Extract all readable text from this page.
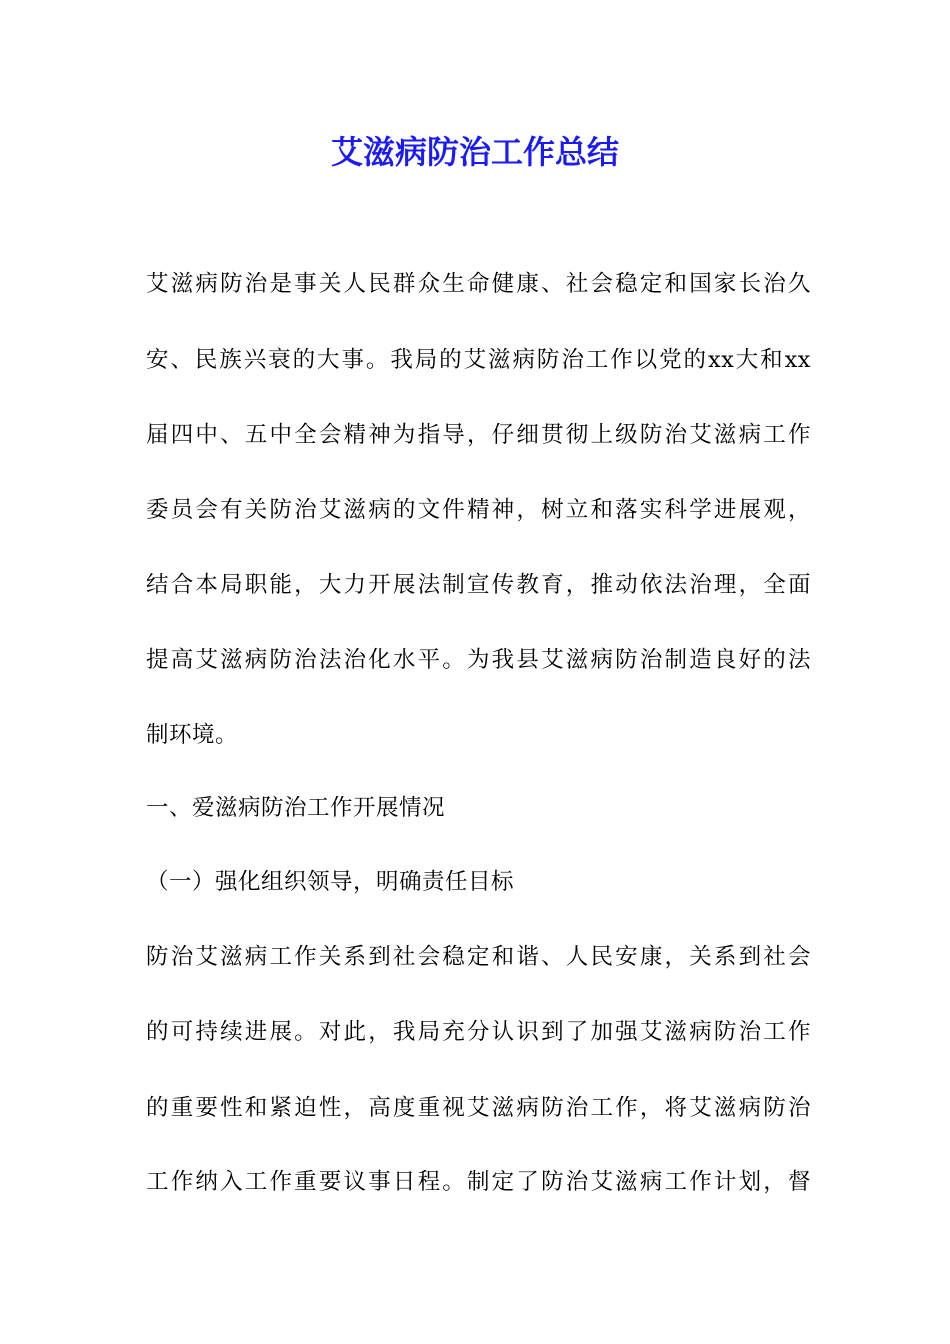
艾滋病防治工作总结

艾滋病防治是事关人民群众生命健康、社会稳定和国家长治久

安、民族兴衰的大事。我局的艾滋病防治工作以党的xx大和xx

届四中、五中全会精神为指导，仔细贯彻上级防治艾滋病工作

委员会有关防治艾滋病的文件精神，树立和落实科学进展观，

结合本局职能，大力开展法制宣传教育，推动依法治理，全面

提高艾滋病防治法治化水平。为我县艾滋病防治制造良好的法

制环境。

一、爱滋病防治工作开展情况

（一）强化组织领导，明确责任目标

防治艾滋病工作关系到社会稳定和谐、人民安康，关系到社会

的可持续进展。对此，我局充分认识到了加强艾滋病防治工作

的重要性和紧迫性，高度重视艾滋病防治工作，将艾滋病防治

工作纳入工作重要议事日程。制定了防治艾滋病工作计划，督
